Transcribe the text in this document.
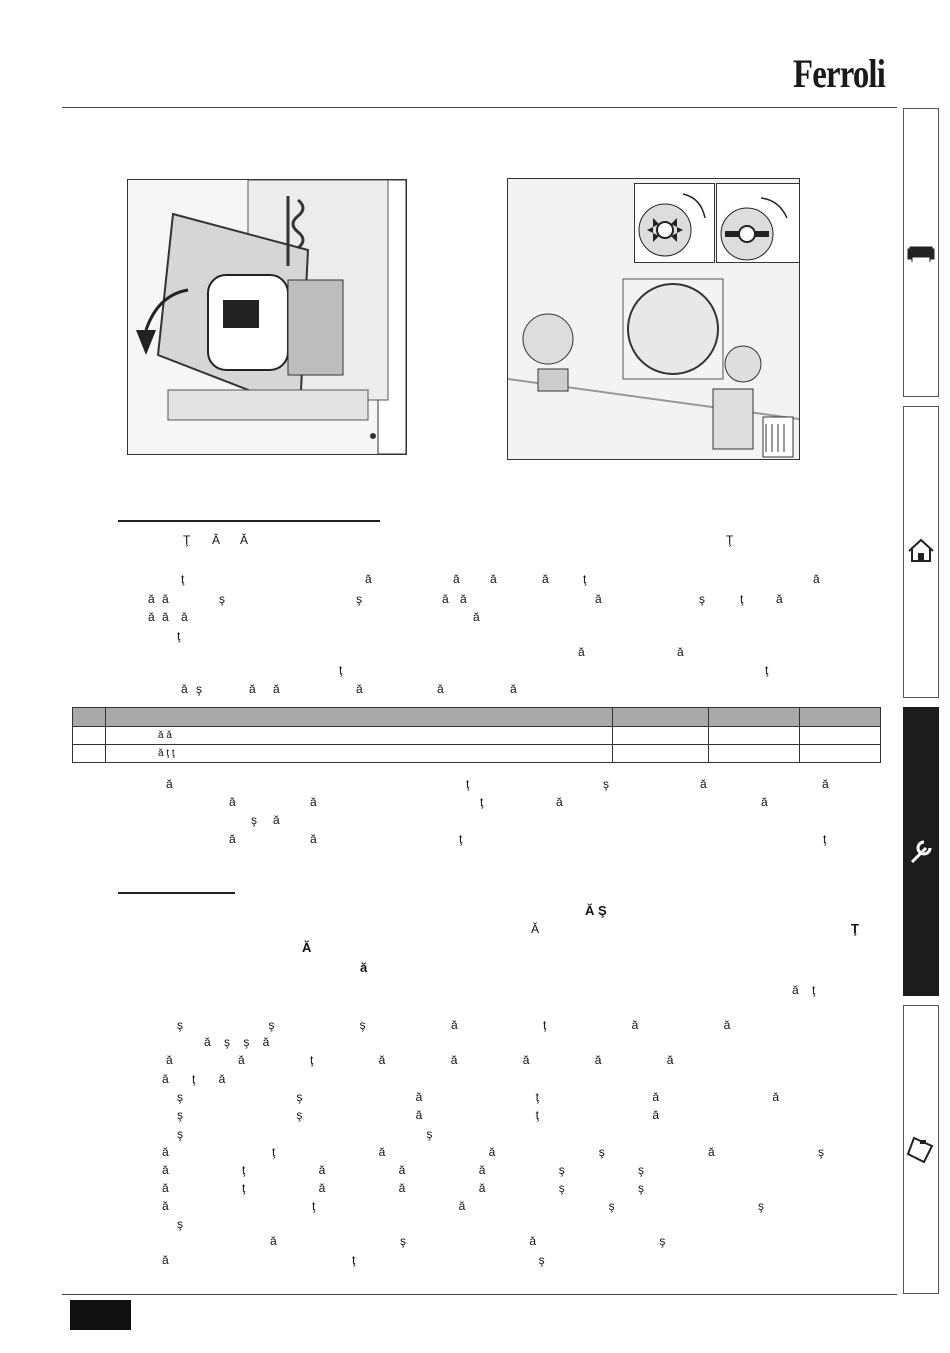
Ferroli
Ţ Ă Ă	Ţ
ţ	ă	ă	ă	ă	ţ	ă
ă ă	ş	ş	ă ă	ă	ş	ţ	ă
ă ă ă	ă
ţ
ă	ă
ţ	ţ
ă ş	ă ă	ă	ă	ă

	ă ă			
	ă ţ ţ			
ă	ţ	ş	ă	ă
ă	ă	ţ	ă	ă
ş ă
ă	ă	ţ	ţ
Ă Ş
Ă	Ţ
Ă
ă
ă ţ
ş ş ş ă ţ ă ă
ă ş ş ă
ă ă ţ ă ă ă ă ă
ă ţ ă
ş ş ă ţ ă ă
ş ş ă ţ ă
ş ş
ă ţ ă ă ş ă ş
ă ţ ă ă ă ş ş
ă ţ ă ă ă ş ş
ă ţ ă ş ş
ş
ă ş ă ş
ă ţ ş
